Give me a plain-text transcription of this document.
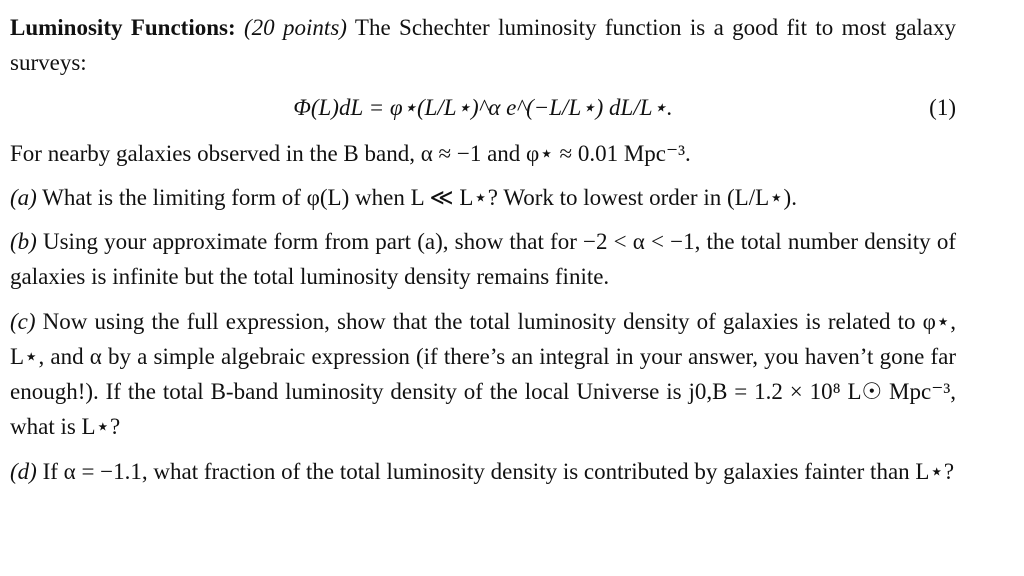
Luminosity Functions: (20 points) The Schechter luminosity function is a good fit to most galaxy surveys:

Φ(L)dL = φ⋆(L/L⋆)^α e^(−L/L⋆) dL/L⋆.	(1)

For nearby galaxies observed in the B band, α ≈ −1 and φ⋆ ≈ 0.01 Mpc⁻³.

(a) What is the limiting form of φ(L) when L ≪ L⋆? Work to lowest order in (L/L⋆).

(b) Using your approximate form from part (a), show that for −2 < α < −1, the total number density of galaxies is infinite but the total luminosity density remains finite.

(c) Now using the full expression, show that the total luminosity density of galaxies is related to φ⋆, L⋆, and α by a simple algebraic expression (if there’s an integral in your answer, you haven’t gone far enough!). If the total B-band luminosity density of the local Universe is j0,B = 1.2 × 10⁸ L☉ Mpc⁻³, what is L⋆?

(d) If α = −1.1, what fraction of the total luminosity density is contributed by galaxies fainter than L⋆?
